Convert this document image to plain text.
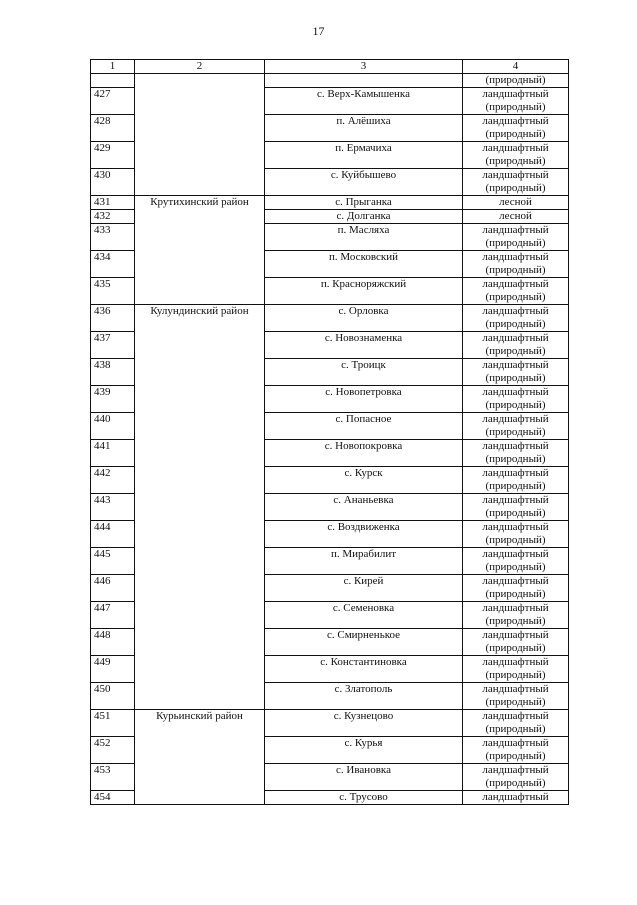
17
1	2	3	4
			(природный)
427		с. Верх-Камышенка	ландшафтный
(природный)

428		п. Алёшиха	ландшафтный
(природный)

429		п. Ермачиха	ландшафтный
(природный)

430		с. Куйбышево	ландшафтный
(природный)

431	Крутихинский район	с. Прыганка	лесной

432		с. Долганка	лесной

433		п. Масляха	ландшафтный
(природный)

434		п. Московский	ландшафтный
(природный)

435		п. Красноряжский	ландшафтный
(природный)

436	Кулундинский район	с. Орловка	ландшафтный
(природный)

437		с. Новознаменка	ландшафтный
(природный)

438		с. Троицк	ландшафтный
(природный)

439		с. Новопетровка	ландшафтный
(природный)

440		с. Попасное	ландшафтный
(природный)

441		с. Новопокровка	ландшафтный
(природный)

442		с. Курск	ландшафтный
(природный)

443		с. Ананьевка	ландшафтный
(природный)

444		с. Воздвиженка	ландшафтный
(природный)

445		п. Мирабилит	ландшафтный
(природный)

446		с. Кирей	ландшафтный
(природный)

447		с. Семеновка	ландшафтный
(природный)

448		с. Смирненькое	ландшафтный
(природный)

449		с. Константиновка	ландшафтный
(природный)

450		с. Златополь	ландшафтный
(природный)

451	Курьинский район	с. Кузнецово	ландшафтный
(природный)

452		с. Курья	ландшафтный
(природный)

453		с. Ивановка	ландшафтный
(природный)

454		с. Трусово	ландшафтный
